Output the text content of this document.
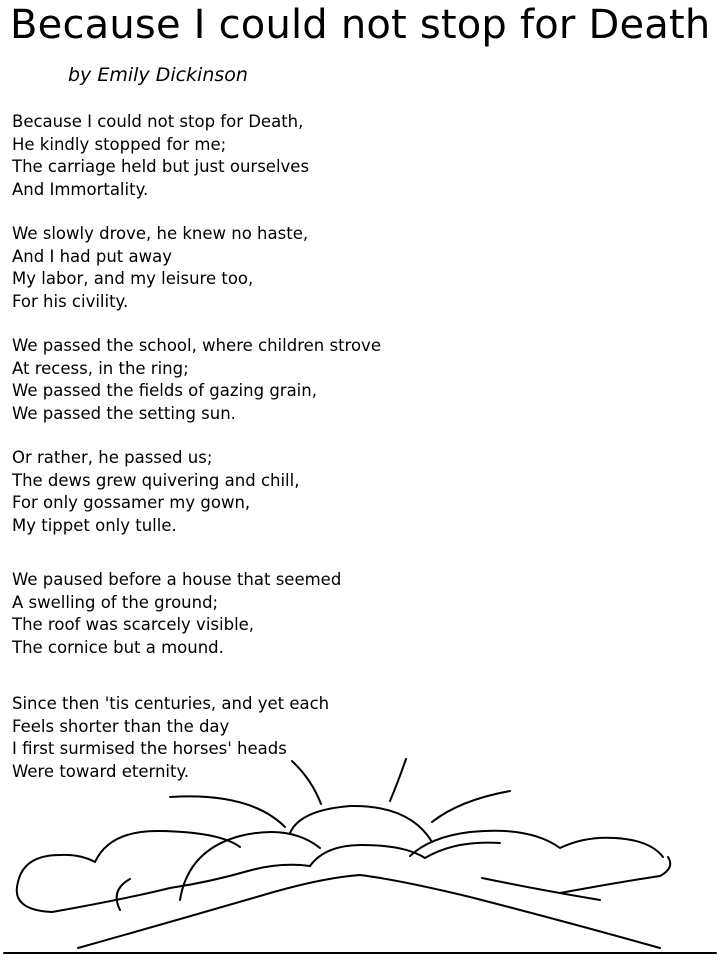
Because I could not stop for Death

by Emily Dickinson

Because I could not stop for Death,
He kindly stopped for me;
The carriage held but just ourselves
And Immortality.
We slowly drove, he knew no haste,
And I had put away
My labor, and my leisure too,
For his civility.
We passed the school, where children strove
At recess, in the ring;
We passed the fields of gazing grain,
We passed the setting sun.
Or rather, he passed us;
The dews grew quivering and chill,
For only gossamer my gown,
My tippet only tulle.
We paused before a house that seemed
A swelling of the ground;
The roof was scarcely visible,
The cornice but a mound.
Since then 'tis centuries, and yet each
Feels shorter than the day
I first surmised the horses' heads
Were toward eternity.
